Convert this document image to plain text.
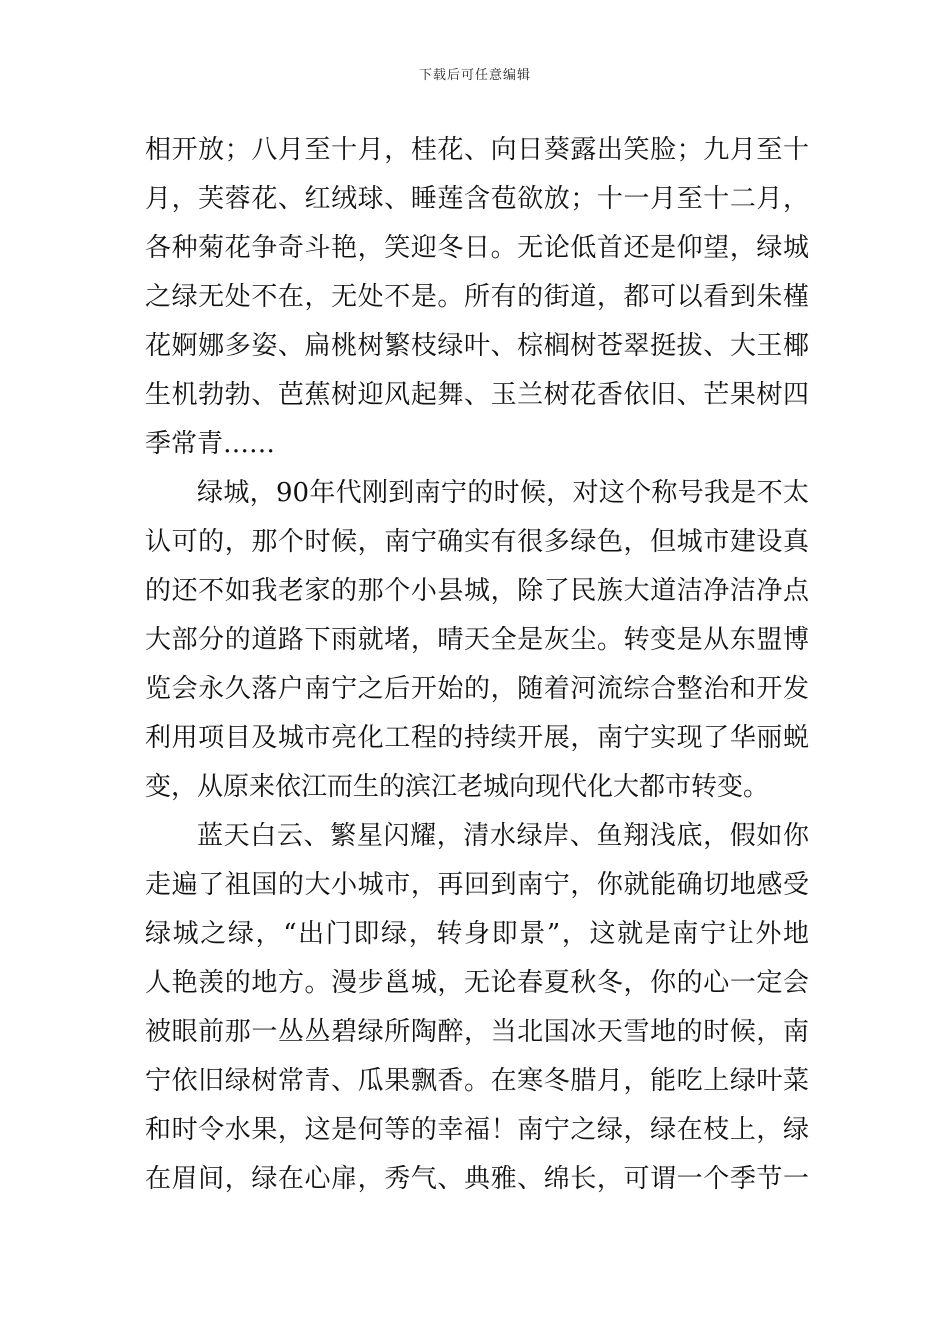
下载后可任意编辑
相开放；八月至十月，桂花、向日葵露出笑脸；九月至十
月，芙蓉花、红绒球、睡莲含苞欲放；十一月至十二月，
各种菊花争奇斗艳，笑迎冬日。无论低首还是仰望，绿城
之绿无处不在，无处不是。所有的街道，都可以看到朱槿
花婀娜多姿、扁桃树繁枝绿叶、棕榈树苍翠挺拔、大王椰
生机勃勃、芭蕉树迎风起舞、玉兰树花香依旧、芒果树四
季常青……
绿城，90年代刚到南宁的时候，对这个称号我是不太
认可的，那个时候，南宁确实有很多绿色，但城市建设真
的还不如我老家的那个小县城，除了民族大道洁净洁净点
大部分的道路下雨就堵，晴天全是灰尘。转变是从东盟博
览会永久落户南宁之后开始的，随着河流综合整治和开发
利用项目及城市亮化工程的持续开展，南宁实现了华丽蜕
变，从原来依江而生的滨江老城向现代化大都市转变。
蓝天白云、繁星闪耀，清水绿岸、鱼翔浅底，假如你
走遍了祖国的大小城市，再回到南宁，你就能确切地感受
绿城之绿，“出门即绿，转身即景”，这就是南宁让外地
人艳羡的地方。漫步邕城，无论春夏秋冬，你的心一定会
被眼前那一丛丛碧绿所陶醉，当北国冰天雪地的时候，南
宁依旧绿树常青、瓜果飘香。在寒冬腊月，能吃上绿叶菜
和时令水果，这是何等的幸福！南宁之绿，绿在枝上，绿
在眉间，绿在心扉，秀气、典雅、绵长，可谓一个季节一
